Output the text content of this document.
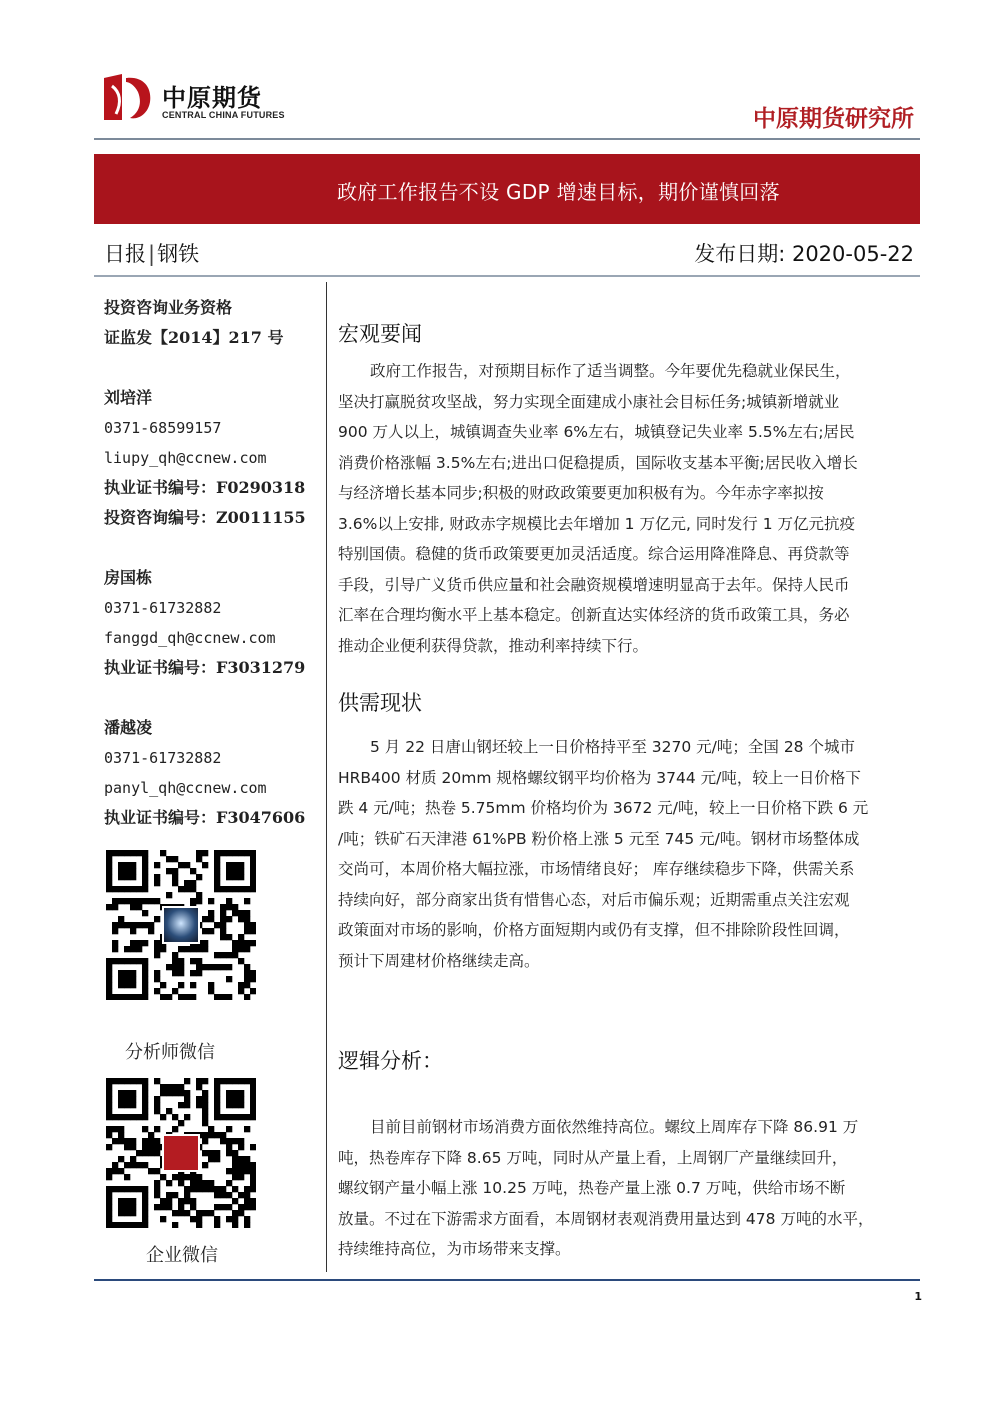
中原期货
CENTRAL CHINA FUTURES	中原期货研究所
政府工作报告不设 GDP 增速目标，期价谨慎回落
日报|钢铁	发布日期: 2020-05-22
投资咨询业务资格
证监发【2014】217 号
刘培洋
0371-68599157
liupy_qh@ccnew.com
执业证书编号：F0290318
投资咨询编号：Z0011155
房国栋
0371-61732882
fanggd_qh@ccnew.com
执业证书编号：F3031279
潘越凌
0371-61732882
panyl_qh@ccnew.com
执业证书编号：F3047606
分析师微信
企业微信
宏观要闻
政府工作报告，对预期目标作了适当调整。今年要优先稳就业保民生，
坚决打赢脱贫攻坚战，努力实现全面建成小康社会目标任务;城镇新增就业
900 万人以上，城镇调查失业率 6%左右，城镇登记失业率 5.5%左右;居民
消费价格涨幅 3.5%左右;进出口促稳提质，国际收支基本平衡;居民收入增长
与经济增长基本同步;积极的财政政策要更加积极有为。今年赤字率拟按
3.6%以上安排, 财政赤字规模比去年增加 1 万亿元, 同时发行 1 万亿元抗疫
特别国债。稳健的货币政策要更加灵活适度。综合运用降准降息、再贷款等
手段，引导广义货币供应量和社会融资规模增速明显高于去年。保持人民币
汇率在合理均衡水平上基本稳定。创新直达实体经济的货币政策工具，务必
推动企业便利获得贷款，推动利率持续下行。
供需现状
5 月 22 日唐山钢坯较上一日价格持平至 3270 元/吨；全国 28 个城市
HRB400 材质 20mm 规格螺纹钢平均价格为 3744 元/吨，较上一日价格下
跌 4 元/吨；热卷 5.75mm 价格均价为 3672 元/吨，较上一日价格下跌 6 元
/吨；铁矿石天津港 61%PB 粉价格上涨 5 元至 745 元/吨。钢材市场整体成
交尚可，本周价格大幅拉涨，市场情绪良好； 库存继续稳步下降，供需关系
持续向好，部分商家出货有惜售心态，对后市偏乐观；近期需重点关注宏观
政策面对市场的影响，价格方面短期内或仍有支撑，但不排除阶段性回调，
预计下周建材价格继续走高。
逻辑分析：
目前目前钢材市场消费方面依然维持高位。螺纹上周库存下降 86.91 万
吨，热卷库存下降 8.65 万吨，同时从产量上看，上周钢厂产量继续回升，
螺纹钢产量小幅上涨 10.25 万吨，热卷产量上涨 0.7 万吨，供给市场不断
放量。不过在下游需求方面看，本周钢材表观消费用量达到 478 万吨的水平，
持续维持高位，为市场带来支撑。
1
